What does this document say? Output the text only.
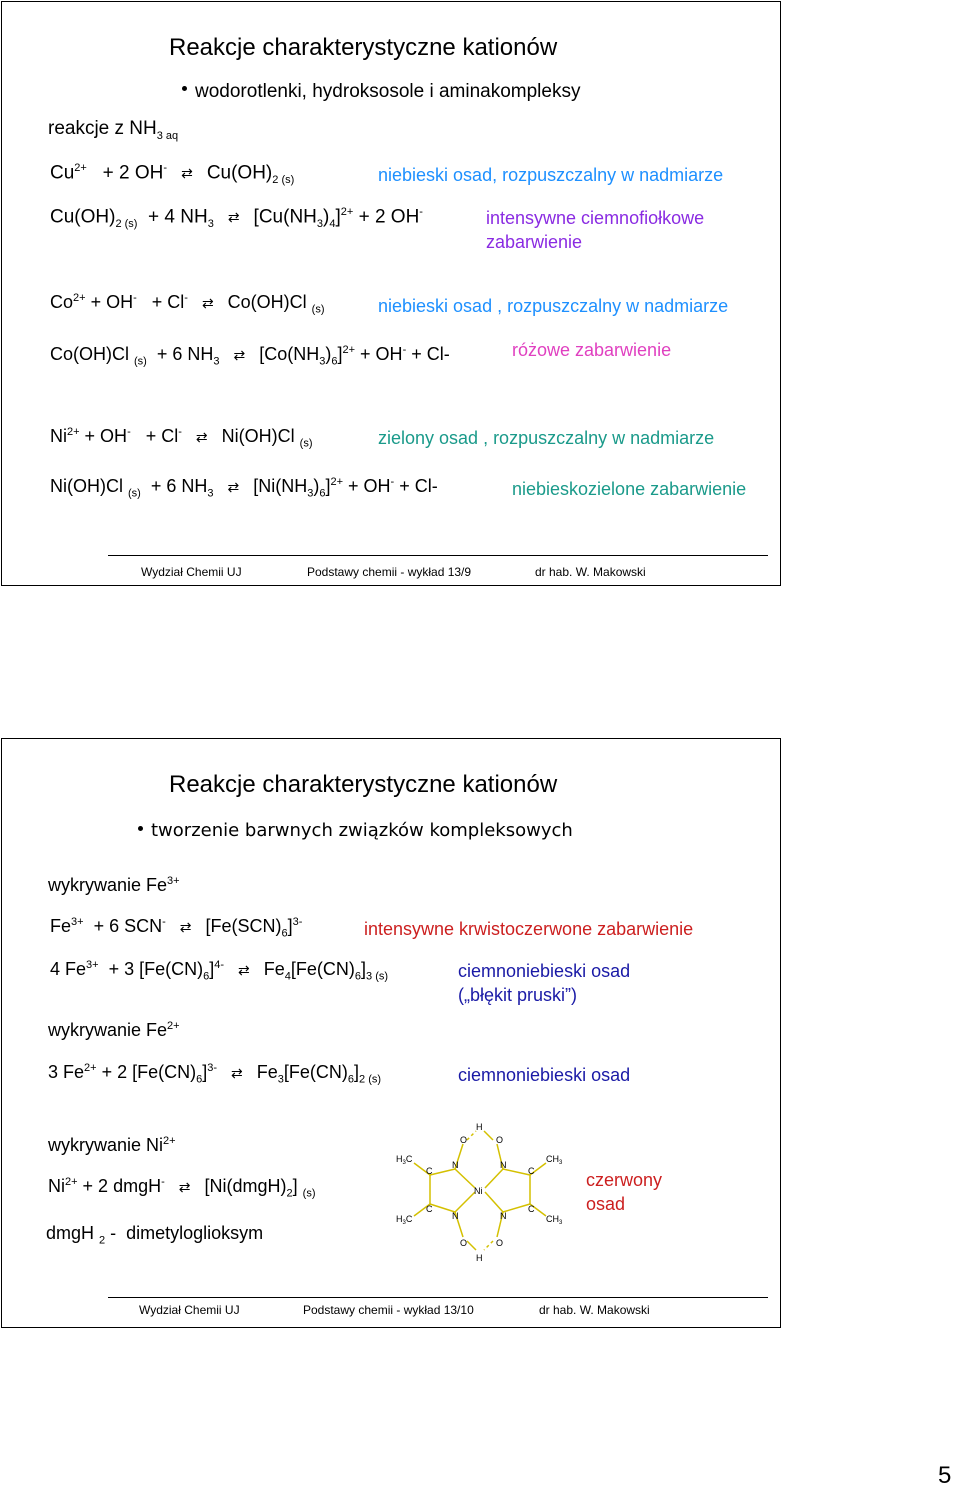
Reakcje charakterystyczne kationów
wodorotlenki, hydroksosole i aminakompleksy
reakcje z $NH_{3 aq}$
$Cu^{2+} + 2$ OH- ⇄ $Cu(OH)_{2 (s)}$	niebieski osad, rozpuszczalny w nadmiarze
$Cu(OH)_{2 (s)} + 4$ $NH_3$ ⇄ $[Cu(NH_3)_4]^{2+} + 2$ OH-	intensywne ciemnofiołkowe
zabarwienie
$Co^{2+} + OH^- + Cl^-$ ⇄ Co(OH)Cl $_{(s)}$	niebieski osad , rozpuszczalny w nadmiarze
Co(OH)Cl $_{(s)}$  + 6 $NH_3$ ⇄ $[Co(NH_3)_6]^{2+} + OH^- + Cl-$	różowe zabarwienie
$Ni^{2+} + OH^- + Cl^-$ ⇄ Ni(OH)Cl $_{(s)}$	zielony osad , rozpuszczalny w nadmiarze
Ni(OH)Cl $_{(s)}$  + 6 $NH_3$ ⇄ $[Ni(NH_3)_6]^{2+} + OH^- + Cl-$	niebieskozielone zabarwienie
Wydział Chemii UJ	Podstawy chemii - wykład 13/9	dr hab. W. Makowski
Reakcje charakterystyczne kationów
tworzenie barwnych związków kompleksowych
wykrywanie $Fe^{3+}$
$Fe^{3+} + 6$ SCN- ⇄ $[Fe(SCN)_6]^{3-}$	intensywne krwistoczerwone zabarwienie
4 $Fe^{3+} + 3$ $[Fe(CN)_6]^{4-}$ ⇄ $Fe_4[Fe(CN)_6]_{3 (s)}$	ciemnoniebieski osad
(„błękit pruski”)
wykrywanie $Fe^{2+}$
3 $Fe^{2+} + 2$ $[Fe(CN)_6]^{3-}$ ⇄ $Fe_3[Fe(CN)_6]_{2 (s)}$	ciemnoniebieski osad
wykrywanie $Ni^{2+}$
$Ni^{2+} + 2$ dmgH- ⇄ $[Ni(dmgH)_2]$ $_{(s)}$
dmgH $_2$ -  dimetyloglioksym
O
H
O
$H_3C$
C
N	N
C
$CH_3$
Ni
$H_3C$
C
N	N
C
$CH_3$
O
H
O
czerwony
osad
Wydział Chemii UJ	Podstawy chemii - wykład 13/10	dr hab. W. Makowski
5
